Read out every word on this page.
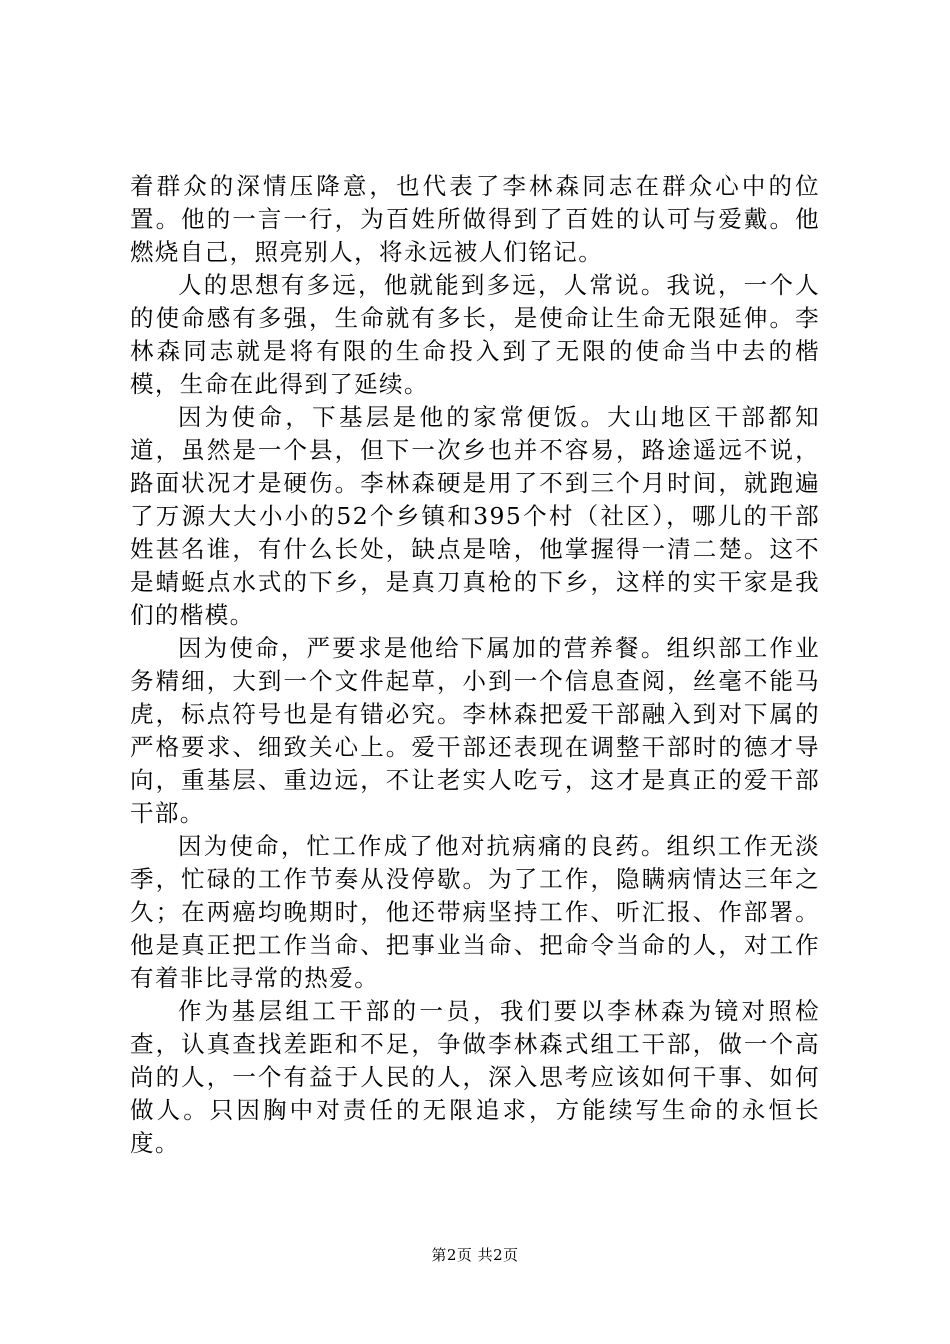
着群众的深情压降意，也代表了李林森同志在群众心中的位置。他的一言一行，为百姓所做得到了百姓的认可与爱戴。他燃烧自己，照亮别人，将永远被人们铭记。

人的思想有多远，他就能到多远，人常说。我说，一个人的使命感有多强，生命就有多长，是使命让生命无限延伸。李林森同志就是将有限的生命投入到了无限的使命当中去的楷模，生命在此得到了延续。

因为使命，下基层是他的家常便饭。大山地区干部都知道，虽然是一个县，但下一次乡也并不容易，路途遥远不说，路面状况才是硬伤。李林森硬是用了不到三个月时间，就跑遍了万源大大小小的52个乡镇和395个村（社区），哪儿的干部姓甚名谁，有什么长处，缺点是啥，他掌握得一清二楚。这不是蜻蜓点水式的下乡，是真刀真枪的下乡，这样的实干家是我们的楷模。

因为使命，严要求是他给下属加的营养餐。组织部工作业务精细，大到一个文件起草，小到一个信息查阅，丝毫不能马虎，标点符号也是有错必究。李林森把爱干部融入到对下属的严格要求、细致关心上。爱干部还表现在调整干部时的德才导向，重基层、重边远，不让老实人吃亏，这才是真正的爱干部干部。

因为使命，忙工作成了他对抗病痛的良药。组织工作无淡季，忙碌的工作节奏从没停歇。为了工作，隐瞒病情达三年之久；在两癌均晚期时，他还带病坚持工作、听汇报、作部署。他是真正把工作当命、把事业当命、把命令当命的人，对工作有着非比寻常的热爱。

作为基层组工干部的一员，我们要以李林森为镜对照检查，认真查找差距和不足，争做李林森式组工干部，做一个高尚的人，一个有益于人民的人，深入思考应该如何干事、如何做人。只因胸中对责任的无限追求，方能续写生命的永恒长度。

第2页 共2页
